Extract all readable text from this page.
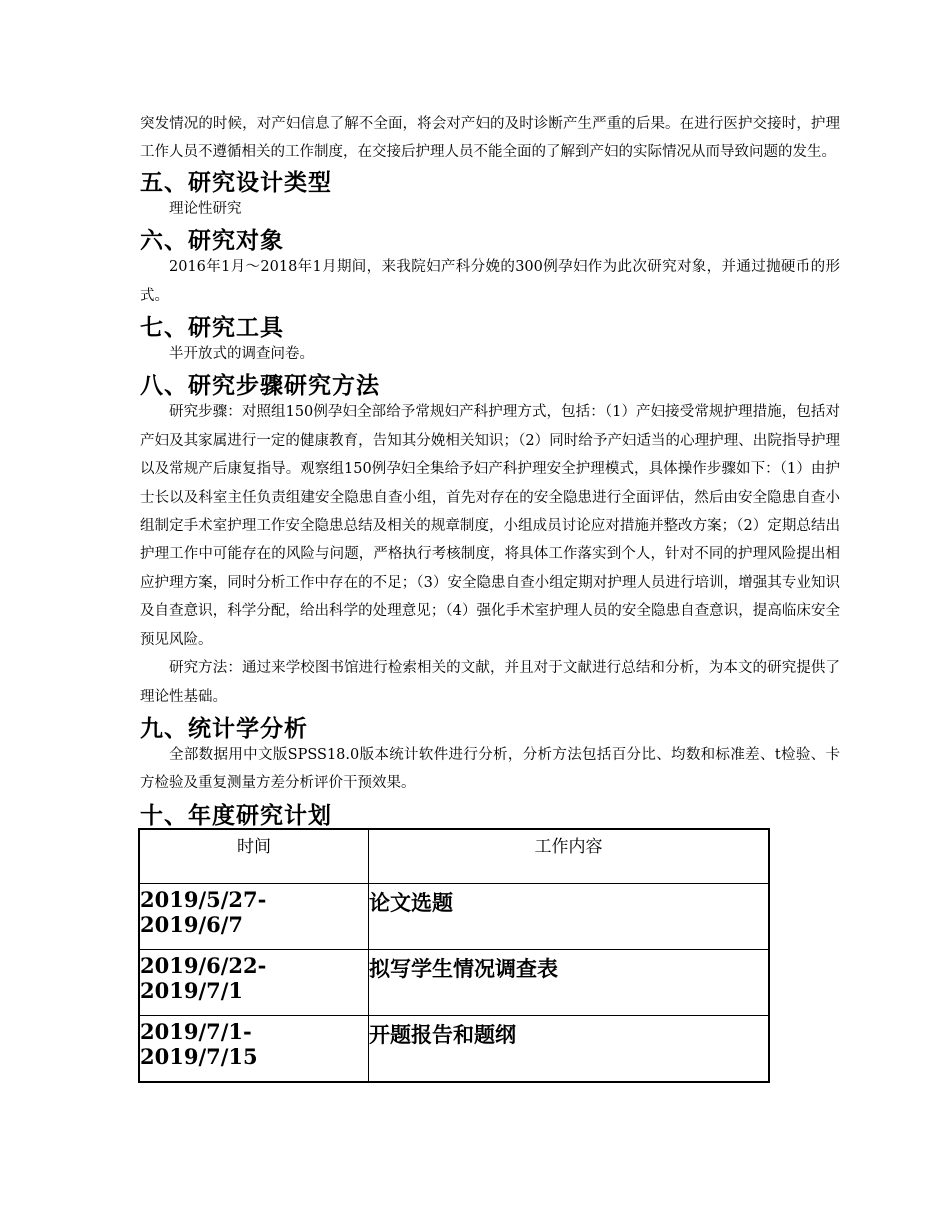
突发情况的时候，对产妇信息了解不全面，将会对产妇的及时诊断产生严重的后果。在进行医护交接时，护理工作人员不遵循相关的工作制度，在交接后护理人员不能全面的了解到产妇的实际情况从而导致问题的发生。

五、研究设计类型

理论性研究

六、研究对象

2016年1月～2018年1月期间，来我院妇产科分娩的300例孕妇作为此次研究对象，并通过抛硬币的形式。

七、研究工具

半开放式的调查问卷。

八、研究步骤研究方法

研究步骤：对照组150例孕妇全部给予常规妇产科护理方式，包括：（1）产妇接受常规护理措施，包括对产妇及其家属进行一定的健康教育，告知其分娩相关知识；（2）同时给予产妇适当的心理护理、出院指导护理以及常规产后康复指导。观察组150例孕妇全集给予妇产科护理安全护理模式，具体操作步骤如下：（1）由护士长以及科室主任负责组建安全隐患自查小组，首先对存在的安全隐患进行全面评估，然后由安全隐患自查小组制定手术室护理工作安全隐患总结及相关的规章制度，小组成员讨论应对措施并整改方案；（2）定期总结出护理工作中可能存在的风险与问题，严格执行考核制度，将具体工作落实到个人，针对不同的护理风险提出相应护理方案，同时分析工作中存在的不足；（3）安全隐患自查小组定期对护理人员进行培训，增强其专业知识及自查意识，科学分配，给出科学的处理意见；（4）强化手术室护理人员的安全隐患自查意识，提高临床安全预见风险。

研究方法：通过来学校图书馆进行检索相关的文献，并且对于文献进行总结和分析，为本文的研究提供了理论性基础。

九、统计学分析

全部数据用中文版SPSS18.0版本统计软件进行分析，分析方法包括百分比、均数和标准差、t检验、卡方检验及重复测量方差分析评价干预效果。

十、年度研究计划
时间	工作内容
2019/5/27-2019/6/7	论文选题
2019/6/22-2019/7/1	拟写学生情况调查表
2019/7/1-2019/7/15	开题报告和题纲
